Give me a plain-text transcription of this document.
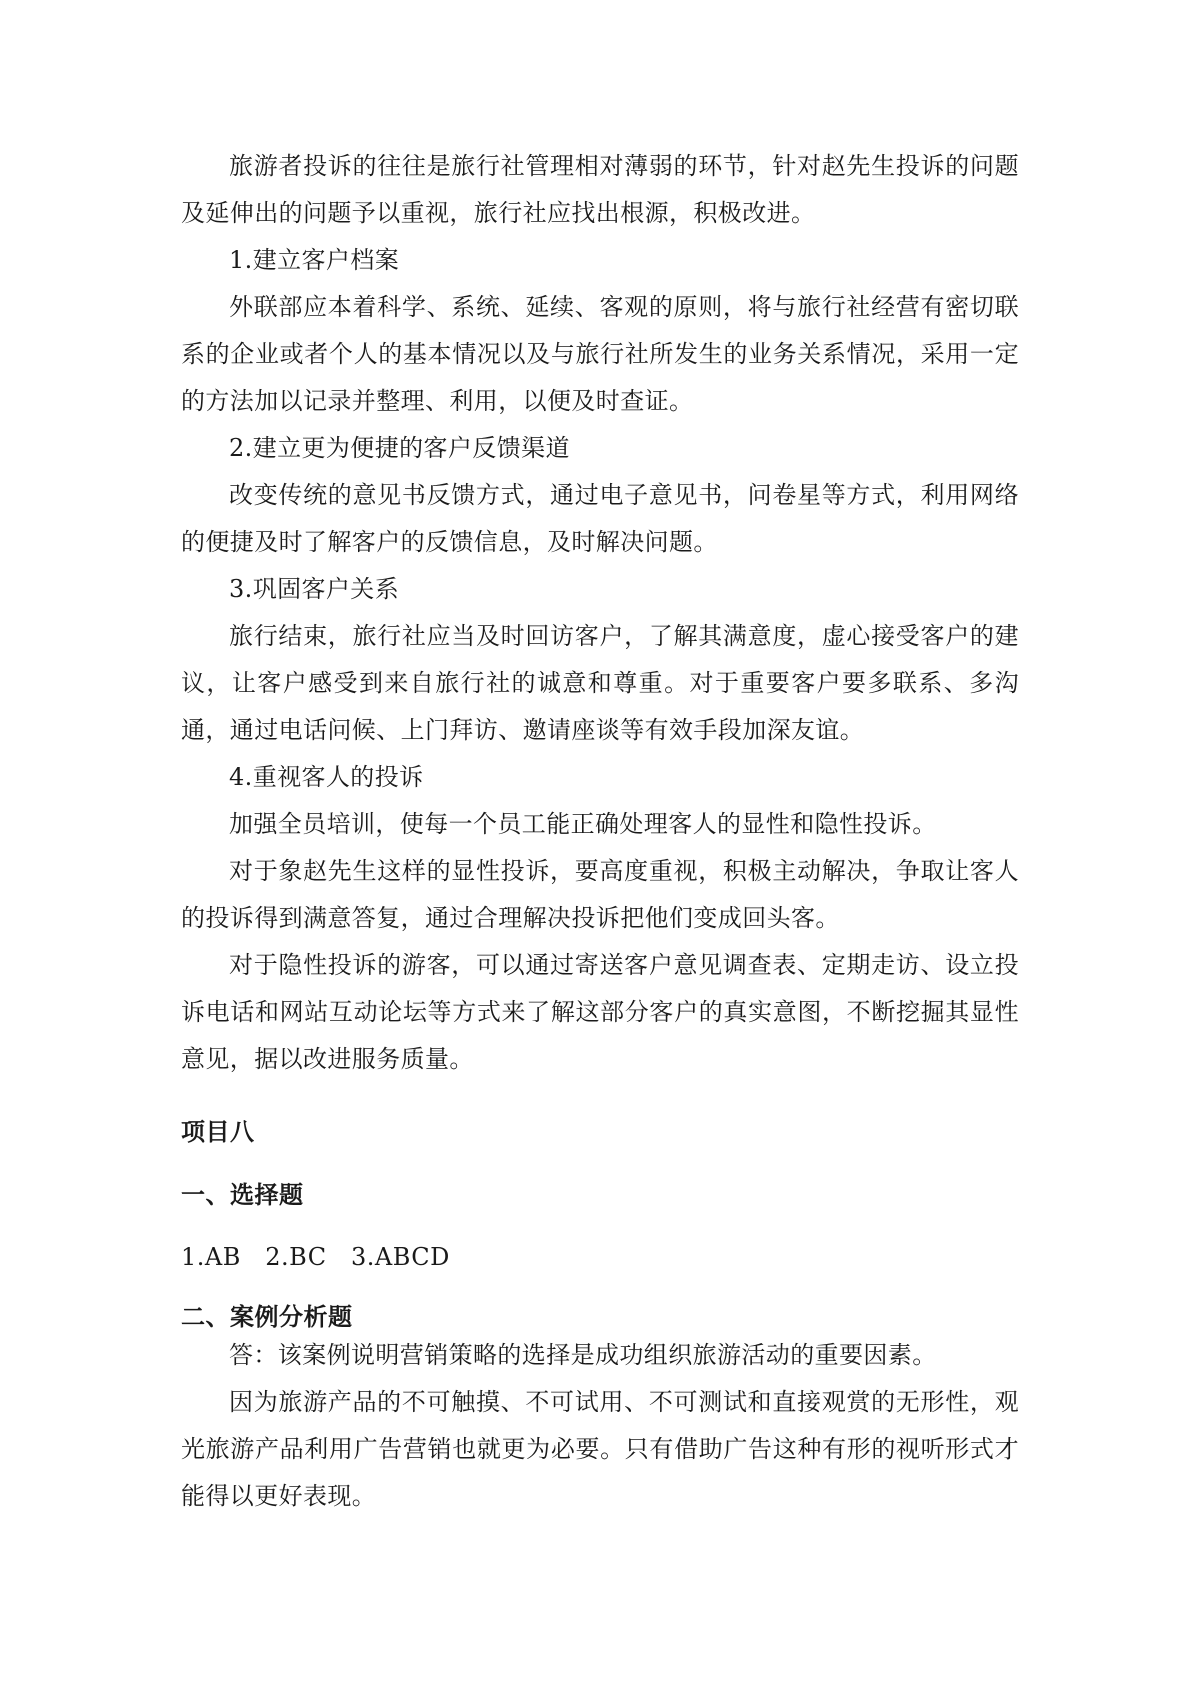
旅游者投诉的往往是旅行社管理相对薄弱的环节，针对赵先生投诉的问题及延伸出的问题予以重视，旅行社应找出根源，积极改进。

1.建立客户档案

外联部应本着科学、系统、延续、客观的原则，将与旅行社经营有密切联系的企业或者个人的基本情况以及与旅行社所发生的业务关系情况，采用一定的方法加以记录并整理、利用，以便及时查证。

2.建立更为便捷的客户反馈渠道

改变传统的意见书反馈方式，通过电子意见书，问卷星等方式，利用网络的便捷及时了解客户的反馈信息，及时解决问题。

3.巩固客户关系

旅行结束，旅行社应当及时回访客户，了解其满意度，虚心接受客户的建议，让客户感受到来自旅行社的诚意和尊重。对于重要客户要多联系、多沟通，通过电话问候、上门拜访、邀请座谈等有效手段加深友谊。

4.重视客人的投诉

加强全员培训，使每一个员工能正确处理客人的显性和隐性投诉。

对于象赵先生这样的显性投诉，要高度重视，积极主动解决，争取让客人的投诉得到满意答复，通过合理解决投诉把他们变成回头客。

对于隐性投诉的游客，可以通过寄送客户意见调查表、定期走访、设立投诉电话和网站互动论坛等方式来了解这部分客户的真实意图，不断挖掘其显性意见，据以改进服务质量。

项目八
一、选择题

1.AB   2.BC   3.ABCD

二、案例分析题

答：该案例说明营销策略的选择是成功组织旅游活动的重要因素。

因为旅游产品的不可触摸、不可试用、不可测试和直接观赏的无形性，观光旅游产品利用广告营销也就更为必要。只有借助广告这种有形的视听形式才能得以更好表现。
